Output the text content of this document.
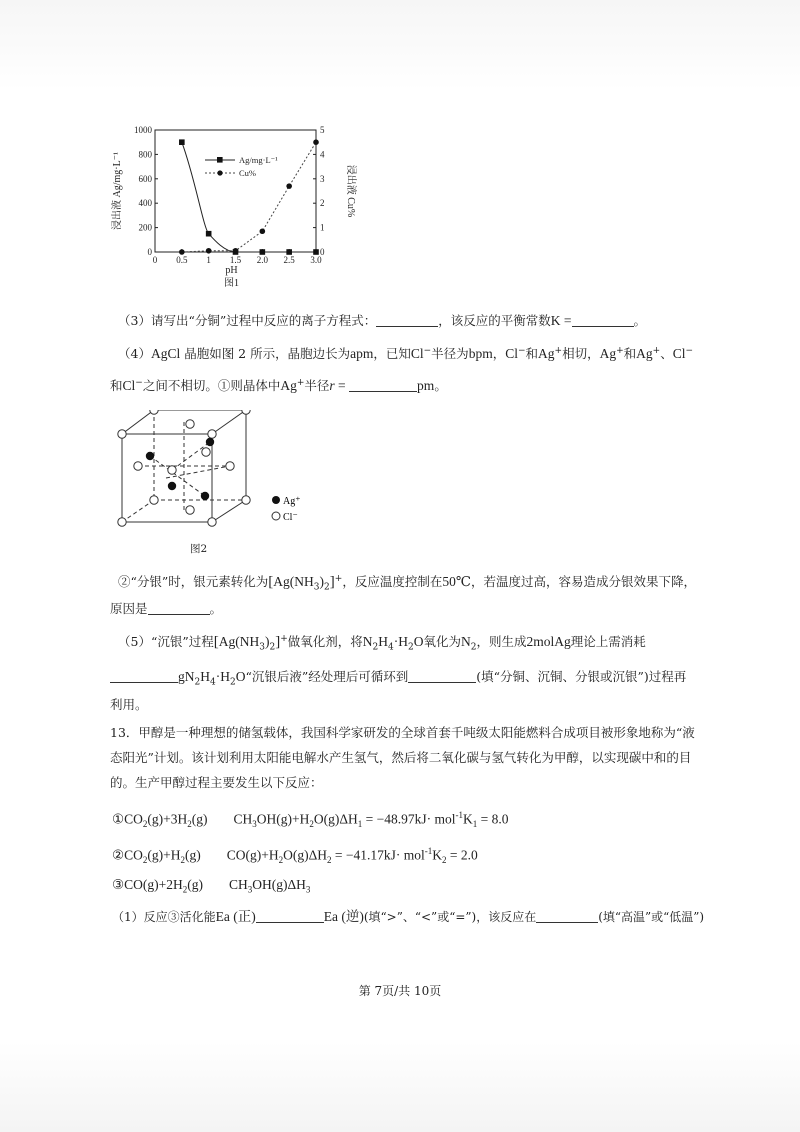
0 0.5 1 1.5 2.0 2.5 3.0
0
200
400
600
800
1000
0
1
2
3
4
5
pH
图1
浸出液 Ag/mg·L⁻¹	浸出液 Cu%
Ag/mg·L⁻¹
Cu%
（3）请写出“分铜”过程中反应的离子方程式：	，该反应的平衡常数K =	。
（4）AgCl 晶胞如图 2 所示，晶胞边长为apm，已知Cl−半径为bpm，Cl−和Ag+相切，Ag+和Ag+、Cl−
和Cl−之间不相切。①则晶体中Ag+半径r =	pm。
Ag⁺
Cl⁻
图2
②“分银”时，银元素转化为$[Ag(NH_3)_2]^+$，反应温度控制在50℃，若温度过高，容易造成分银效果下降，
原因是	。
（5）“沉银”过程$[Ag(NH_3)_2]^+$做氧化剂，将$N_2H_4\cdot H_2O$氧化为$N_2$，则生成2molAg理论上需消耗
$gN_2H_4\cdot H_2O“$沉银后液”经处理后可循环到	(填“分铜、沉铜、分银或沉银”)过程再
利用。
13．甲醇是一种理想的储氢载体，我国科学家研发的全球首套千吨级太阳能燃料合成项目被形象地称为“液
态阳光”计划。该计划利用太阳能电解水产生氢气，然后将二氧化碳与氢气转化为甲醇，以实现碳中和的目
的。生产甲醇过程主要发生以下反应：
$①CO_2(g)+3H_2(g) CH_3OH(g)+H_2O(g)\Delta H_1 = -48.97kJ\cdot mol^{-1}K_1 = 8.0$
$②CO_2(g)+H_2(g) CO(g)+H_2O(g)\Delta H_2 = -41.17kJ\cdot mol^{-1}K_2 = 2.0$
$③CO(g)+2H_2(g)$ $CH_3OH(g)\Delta H_3$
（1）反应③活化能Ea (正)	Ea (逆)(填“>”、“<”或“=”)，该反应在	(填“高温”或“低温”)
第 7页/共 10页
